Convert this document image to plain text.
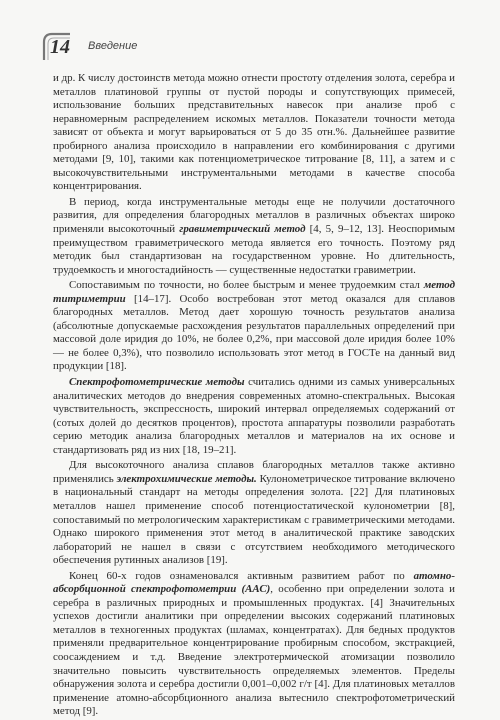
14 Введение

и др. К числу достоинств метода можно отнести простоту отделения золота, серебра и металлов платиновой группы от пустой породы и сопутствующих примесей, использование больших представительных навесок при анализе проб с неравномерным распределением искомых металлов. Показатели точности метода зависят от объекта и могут варьироваться от 5 до 35 отн.%. Дальнейшее развитие пробирного анализа происходило в направлении его комбинирования с другими методами [9, 10], такими как потенциометрическое титрование [8, 11], а затем и с высокочувствительными инструментальными методами в качестве способа концентрирования.

В период, когда инструментальные методы еще не получили достаточного развития, для определения благородных металлов в различных объектах широко применяли высокоточный гравиметрический метод [4, 5, 9–12, 13]. Неоспоримым преимуществом гравиметрического метода является его точность. Поэтому ряд методик был стандартизован на государственном уровне. Но длительность, трудоемкость и многостадийность — существенные недостатки гравиметрии.

Сопоставимым по точности, но более быстрым и менее трудоемким стал метод титриметрии [14–17]. Особо востребован этот метод оказался для сплавов благородных металлов. Метод дает хорошую точность результатов анализа (абсолютные допускаемые расхождения результатов параллельных определений при массовой доле иридия до 10%, не более 0,2%, при массовой доле иридия более 10% — не более 0,3%), что позволило использовать этот метод в ГОСТе на данный вид продукции [18].

Спектрофотометрические методы считались одними из самых универсальных аналитических методов до внедрения современных атомно-спектральных. Высокая чувствительность, экспрессность, широкий интервал определяемых содержаний от (сотых долей до десятков процентов), простота аппаратуры позволили разработать серию методик анализа благородных металлов и материалов на их основе и стандартизовать ряд из них [18, 19–21].

Для высокоточного анализа сплавов благородных металлов также активно применялись электрохимические методы. Кулонометрическое титрование включено в национальный стандарт на методы определения золота. [22] Для платиновых металлов нашел применение способ потенциостатической кулонометрии [8], сопоставимый по метрологическим характеристикам с гравиметрическими методами. Однако широкого применения этот метод в аналитической практике заводских лабораторий не нашел в связи с отсутствием необходимого методического обеспечения рутинных анализов [19].

Конец 60-х годов ознаменовался активным развитием работ по атомно-абсорбционной спектрофотометрии (ААС), особенно при определении золота и серебра в различных природных и промышленных продуктах. [4] Значительных успехов достигли аналитики при определении высоких содержаний платиновых металлов в техногенных продуктах (шламах, концентратах). Для бедных продуктов применяли предварительное концентрирование пробирным способом, экстракцией, соосаждением и т.д. Введение электротермической атомизации позволило значительно повысить чувствительность определяемых элементов. Пределы обнаружения золота и серебра достигли 0,001–0,002 г/т [4]. Для платиновых металлов применение атомно-абсорбционного анализа вытеснило спектрофотометрический метод [9].
